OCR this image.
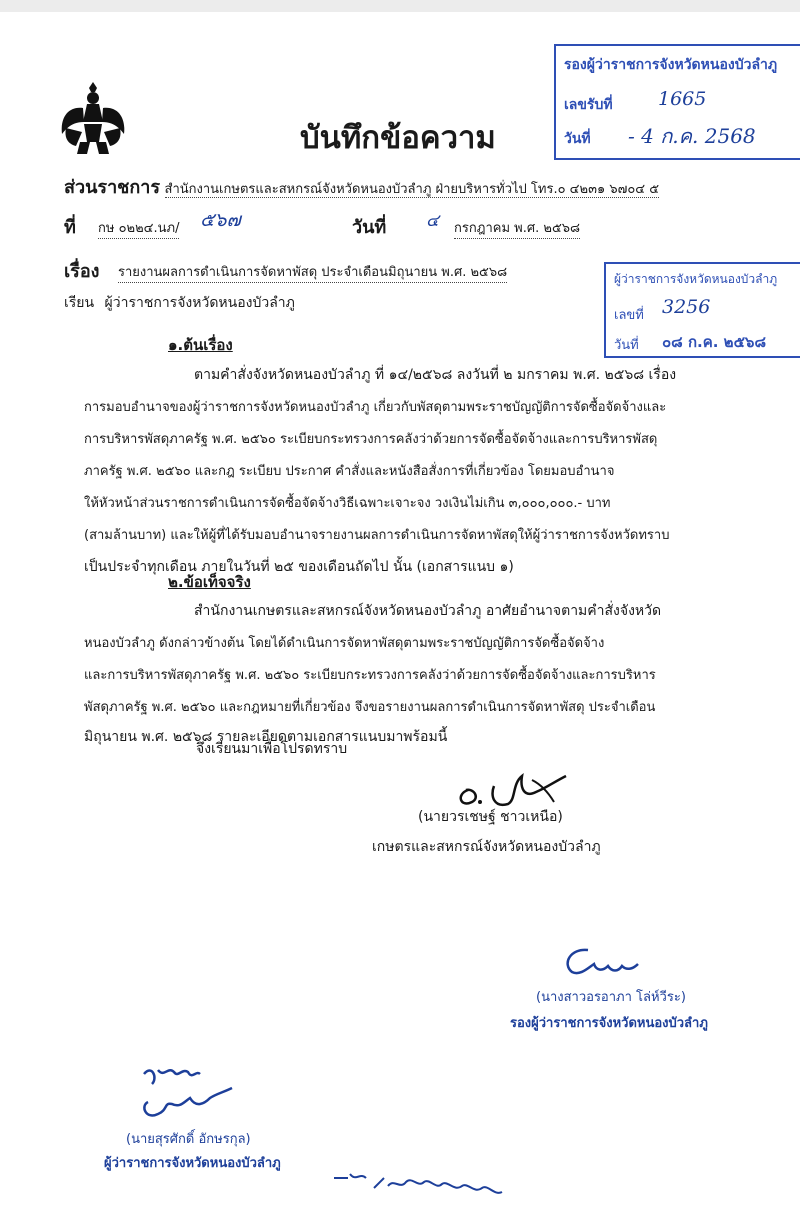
บันทึกข้อความ
รองผู้ว่าราชการจังหวัดหนองบัวลำภู
เลขรับที่ 1665
วันที่ - 4 ก.ค. 2568
ส่วนราชการ สำนักงานเกษตรและสหกรณ์จังหวัดหนองบัวลำภู ฝ่ายบริหารทั่วไป โทร.๐ ๔๒๓๑ ๖๗๐๔ ๕
ที่ กษ ๐๒๒๔.นภ/ ๕๖๗	วันที่ ๔ กรกฎาคม พ.ศ. ๒๕๖๘
เรื่อง รายงานผลการดำเนินการจัดหาพัสดุ ประจำเดือนมิถุนายน พ.ศ. ๒๕๖๘	ผู้ว่าราชการจังหวัดหนองบัวลำภู
เลขที่ 3256
วันที่ ๐๘ ก.ค. ๒๕๖๘
เรียน ผู้ว่าราชการจังหวัดหนองบัวลำภู
๑.ต้นเรื่อง
ตามคำสั่งจังหวัดหนองบัวลำภู ที่ ๑๔/๒๕๖๘ ลงวันที่ ๒ มกราคม พ.ศ. ๒๕๖๘ เรื่อง
การมอบอำนาจของผู้ว่าราชการจังหวัดหนองบัวลำภู เกี่ยวกับพัสดุตามพระราชบัญญัติการจัดซื้อจัดจ้างและ
การบริหารพัสดุภาครัฐ พ.ศ. ๒๕๖๐ ระเบียบกระทรวงการคลังว่าด้วยการจัดซื้อจัดจ้างและการบริหารพัสดุ
ภาครัฐ พ.ศ. ๒๕๖๐ และกฎ ระเบียบ ประกาศ คำสั่งและหนังสือสั่งการที่เกี่ยวข้อง โดยมอบอำนาจ
ให้หัวหน้าส่วนราชการดำเนินการจัดซื้อจัดจ้างวิธีเฉพาะเจาะจง วงเงินไม่เกิน ๓,๐๐๐,๐๐๐.- บาท
(สามล้านบาท) และให้ผู้ที่ได้รับมอบอำนาจรายงานผลการดำเนินการจัดหาพัสดุให้ผู้ว่าราชการจังหวัดทราบ
เป็นประจำทุกเดือน ภายในวันที่ ๒๕ ของเดือนถัดไป นั้น (เอกสารแนบ ๑)
๒.ข้อเท็จจริง
สำนักงานเกษตรและสหกรณ์จังหวัดหนองบัวลำภู อาศัยอำนาจตามคำสั่งจังหวัด
หนองบัวลำภู ดังกล่าวข้างต้น โดยได้ดำเนินการจัดหาพัสดุตามพระราชบัญญัติการจัดซื้อจัดจ้าง
และการบริหารพัสดุภาครัฐ พ.ศ. ๒๕๖๐ ระเบียบกระทรวงการคลังว่าด้วยการจัดซื้อจัดจ้างและการบริหาร
พัสดุภาครัฐ พ.ศ. ๒๕๖๐ และกฎหมายที่เกี่ยวข้อง จึงขอรายงานผลการดำเนินการจัดหาพัสดุ ประจำเดือน
มิถุนายน พ.ศ. ๒๕๖๘ รายละเอียดตามเอกสารแนบมาพร้อมนี้
จึงเรียนมาเพื่อโปรดทราบ
(นายวรเชษฐ์ ชาวเหนือ)
เกษตรและสหกรณ์จังหวัดหนองบัวลำภู
(นางสาวอรอาภา โล่ห์วีระ)
รองผู้ว่าราชการจังหวัดหนองบัวลำภู
(นายสุรศักดิ์ อักษรกุล)
ผู้ว่าราชการจังหวัดหนองบัวลำภู
